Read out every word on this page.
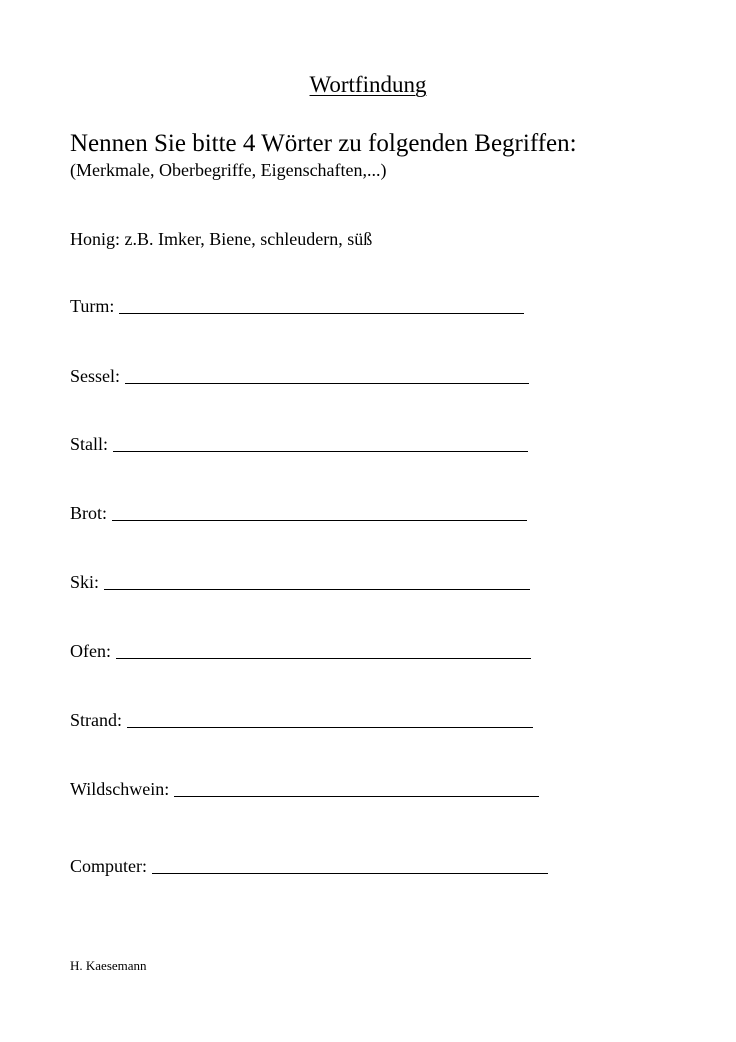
Wortfindung
Nennen Sie bitte 4 Wörter zu folgenden Begriffen:
(Merkmale, Oberbegriffe, Eigenschaften,...)
Honig: z.B. Imker, Biene, schleudern, süß
Turm:
Sessel:
Stall:
Brot:
Ski:
Ofen:
Strand:
Wildschwein:
Computer:
H. Kaesemann
